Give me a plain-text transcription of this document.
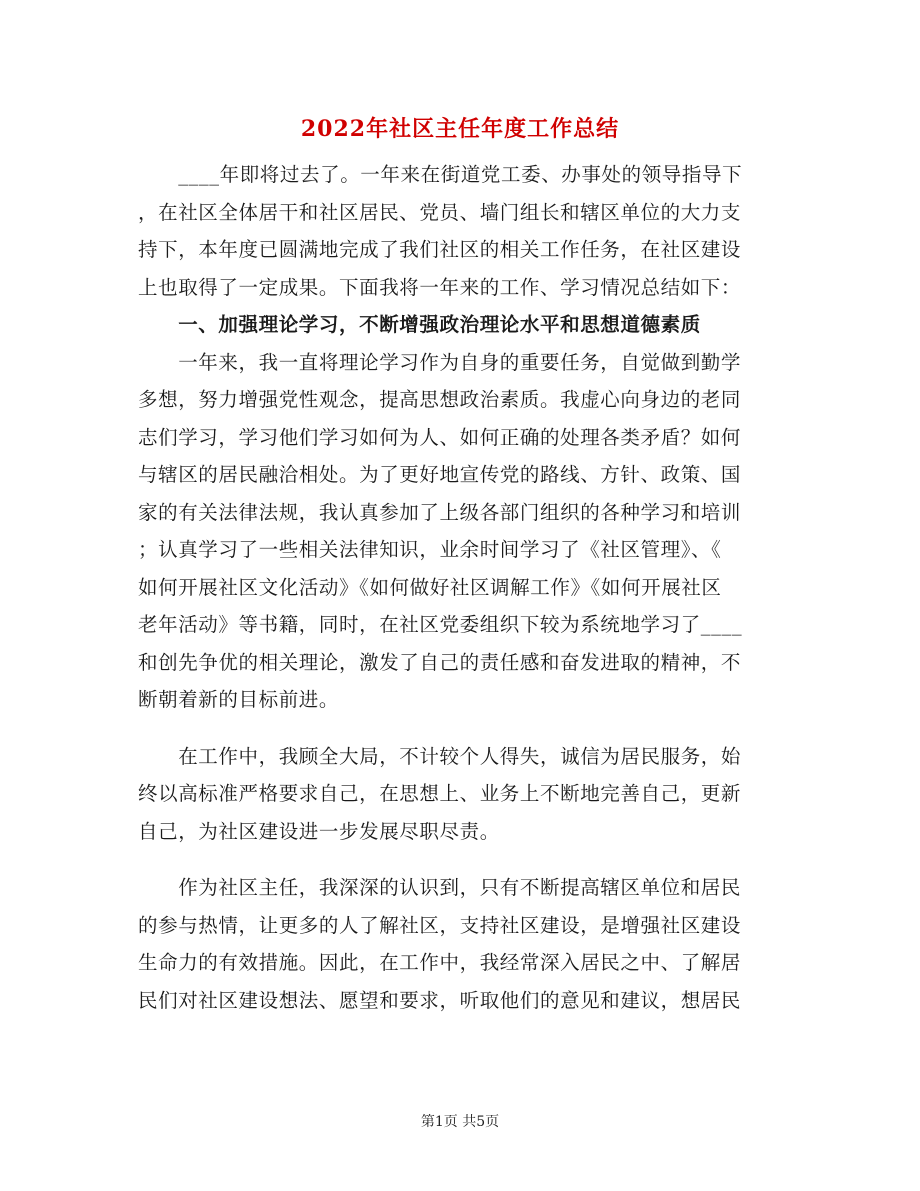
2022年社区主任年度工作总结
　　____年即将过去了。一年来在街道党工委、办事处的领导指导下
，在社区全体居干和社区居民、党员、墙门组长和辖区单位的大力支
持下，本年度已圆满地完成了我们社区的相关工作任务，在社区建设
上也取得了一定成果。下面我将一年来的工作、学习情况总结如下：
　　一、加强理论学习，不断增强政治理论水平和思想道德素质
　　一年来，我一直将理论学习作为自身的重要任务，自觉做到勤学
多想，努力增强党性观念，提高思想政治素质。我虚心向身边的老同
志们学习，学习他们学习如何为人、如何正确的处理各类矛盾？如何
与辖区的居民融洽相处。为了更好地宣传党的路线、方针、政策、国
家的有关法律法规，我认真参加了上级各部门组织的各种学习和培训
；认真学习了一些相关法律知识，业余时间学习了《社区管理》、《
如何开展社区文化活动》《如何做好社区调解工作》《如何开展社区
老年活动》等书籍，同时，在社区党委组织下较为系统地学习了____
和创先争优的相关理论，激发了自己的责任感和奋发进取的精神，不
断朝着新的目标前进。
　　在工作中，我顾全大局，不计较个人得失，诚信为居民服务，始
终以高标准严格要求自己，在思想上、业务上不断地完善自己，更新
自己，为社区建设进一步发展尽职尽责。
　　作为社区主任，我深深的认识到，只有不断提高辖区单位和居民
的参与热情，让更多的人了解社区，支持社区建设，是增强社区建设
生命力的有效措施。因此，在工作中，我经常深入居民之中、了解居
民们对社区建设想法、愿望和要求，听取他们的意见和建议，想居民
第1页 共5页
